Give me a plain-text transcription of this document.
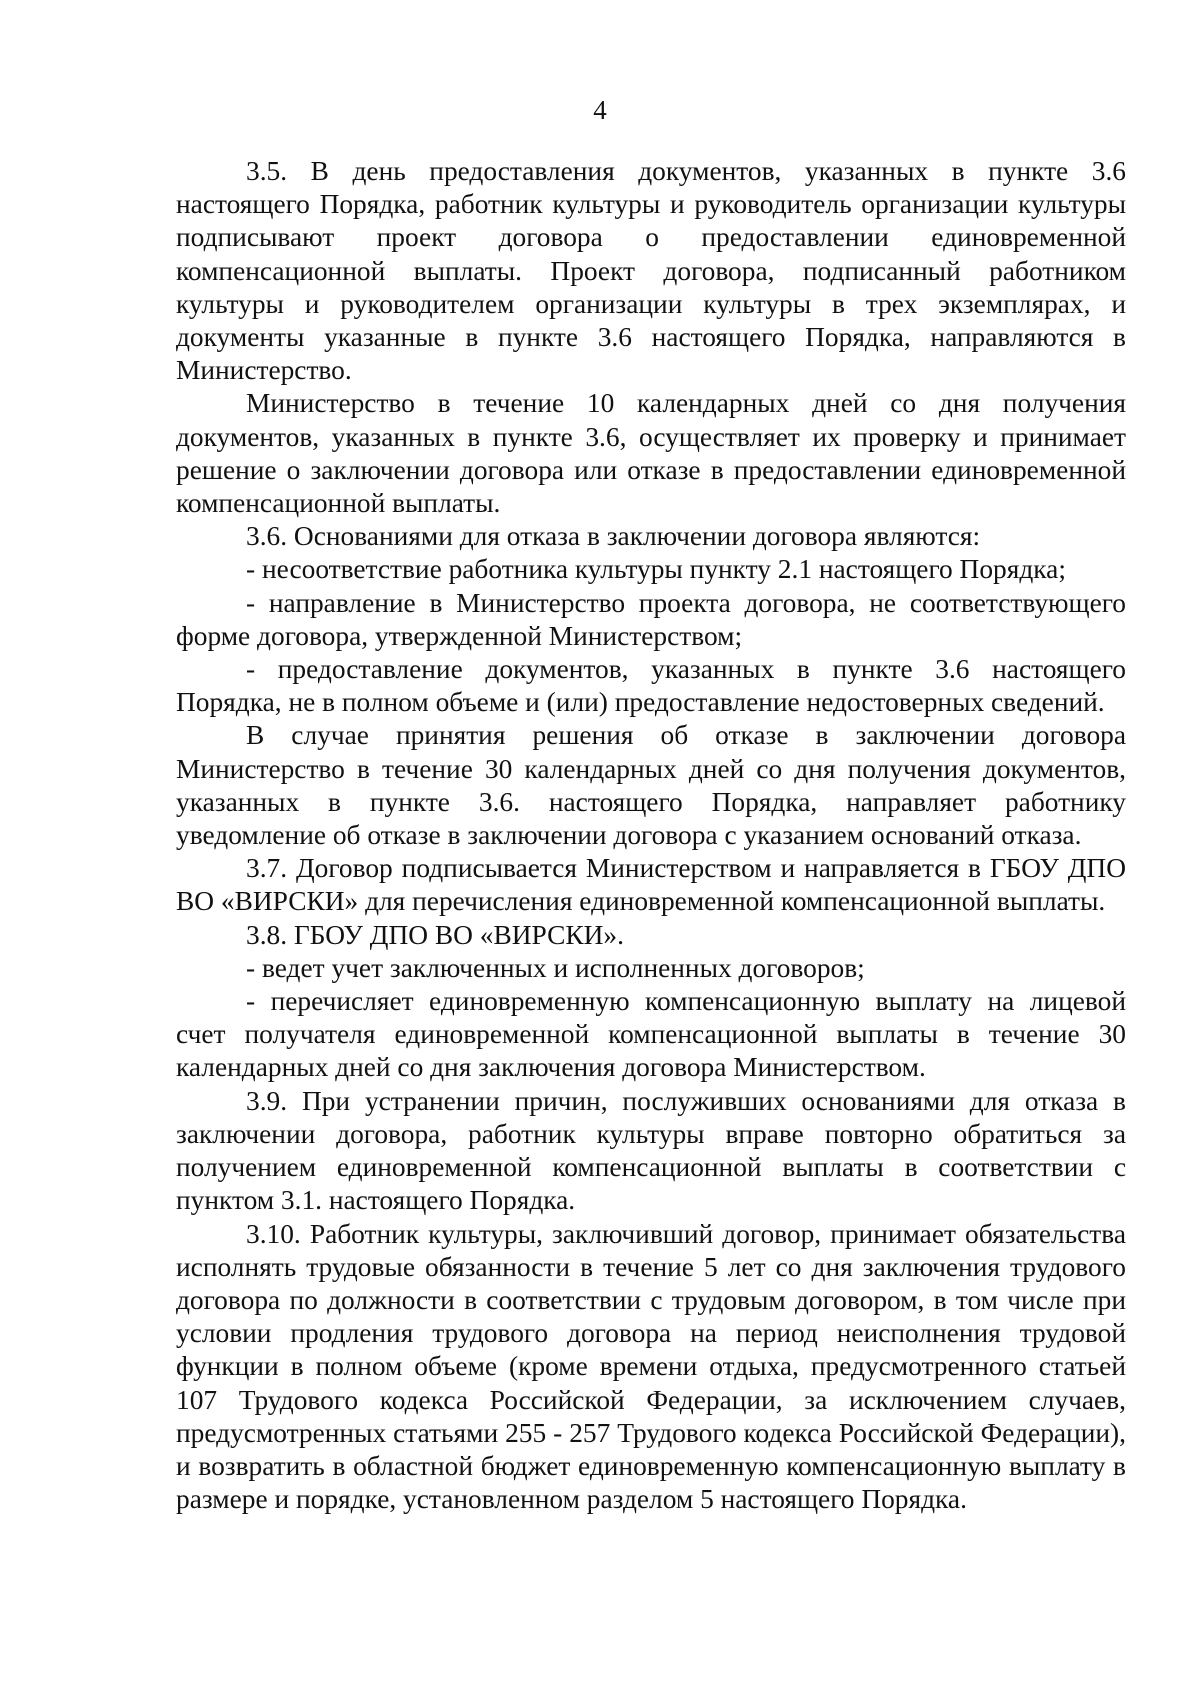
4

3.5. В день предоставления документов, указанных в пункте 3.6 настоящего Порядка, работник культуры и руководитель организации культуры подписывают проект договора о предоставлении единовременной компенсационной выплаты. Проект договора, подписанный работником культуры и руководителем организации культуры в трех экземплярах, и документы указанные в пункте 3.6 настоящего Порядка, направляются в Министерство.

Министерство в течение 10 календарных дней со дня получения документов, указанных в пункте 3.6, осуществляет их проверку и принимает решение о заключении договора или отказе в предоставлении единовременной компенсационной выплаты.

3.6. Основаниями для отказа в заключении договора являются:

- несоответствие работника культуры пункту 2.1 настоящего Порядка;

- направление в Министерство проекта договора, не соответствующего форме договора, утвержденной Министерством;

- предоставление документов, указанных в пункте 3.6 настоящего Порядка, не в полном объеме и (или) предоставление недостоверных сведений.

В случае принятия решения об отказе в заключении договора Министерство в течение 30 календарных дней со дня получения документов, указанных в пункте 3.6. настоящего Порядка, направляет работнику уведомление об отказе в заключении договора с указанием оснований отказа.

3.7. Договор подписывается Министерством и направляется в ГБОУ ДПО ВО «ВИРСКИ» для перечисления единовременной компенсационной выплаты.

3.8. ГБОУ ДПО ВО «ВИРСКИ».

- ведет учет заключенных и исполненных договоров;

- перечисляет единовременную компенсационную выплату на лицевой счет получателя единовременной компенсационной выплаты в течение 30 календарных дней со дня заключения договора Министерством.

3.9. При устранении причин, послуживших основаниями для отказа в заключении договора, работник культуры вправе повторно обратиться за получением единовременной компенсационной выплаты в соответствии с пунктом 3.1. настоящего Порядка.

3.10. Работник культуры, заключивший договор, принимает обязательства исполнять трудовые обязанности в течение 5 лет со дня заключения трудового договора по должности в соответствии с трудовым договором, в том числе при условии продления трудового договора на период неисполнения трудовой функции в полном объеме (кроме времени отдыха, предусмотренного статьей 107 Трудового кодекса Российской Федерации, за исключением случаев, предусмотренных статьями 255 - 257 Трудового кодекса Российской Федерации), и возвратить в областной бюджет единовременную компенсационную выплату в размере и порядке, установленном разделом 5 настоящего Порядка.
